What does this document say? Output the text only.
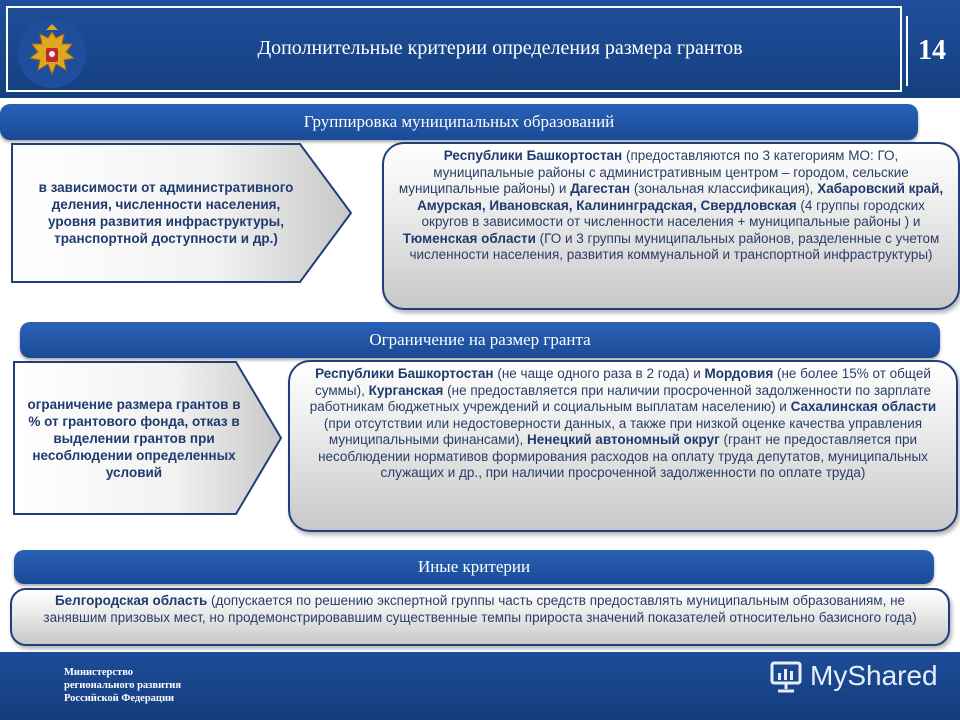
Дополнительные критерии определения размера грантов	14
Группировка муниципальных образований
в зависимости от административного деления, численности населения, уровня развития инфраструктуры, транспортной доступности и др.)
Республики Башкортостан (предоставляются по 3 категориям МО: ГО, муниципальные районы с административным центром – городом, сельские муниципальные районы) и Дагестан (зональная классификация), Хабаровский край, Амурская, Ивановская, Калининградская, Свердловская (4 группы городских округов в зависимости от численности населения + муниципальные районы ) и Тюменская области (ГО и 3 группы муниципальных районов, разделенные с учетом численности населения, развития коммунальной и транспортной инфраструктуры)
Ограничение на размер гранта
ограничение размера грантов в % от грантового фонда, отказ в выделении грантов при несоблюдении определенных условий
Республики Башкортостан (не чаще одного раза в 2 года) и Мордовия (не более 15% от общей суммы), Курганская (не предоставляется при наличии просроченной задолженности по зарплате работникам бюджетных учреждений и социальным выплатам населению) и Сахалинская области (при отсутствии или недостоверности данных, а также при низкой оценке качества управления муниципальными финансами), Ненецкий автономный округ (грант не предоставляется при несоблюдении нормативов формирования расходов на оплату труда депутатов, муниципальных служащих и др., при наличии просроченной задолженности по оплате труда)
Иные критерии
Белгородская область (допускается по решению экспертной группы часть средств предоставлять муниципальным образованиям, не занявшим призовых мест, но продемонстрировавшим существенные темпы прироста значений показателей относительно базисного года)
Министерство
регионального развития
Российской Федерации
MyShared
